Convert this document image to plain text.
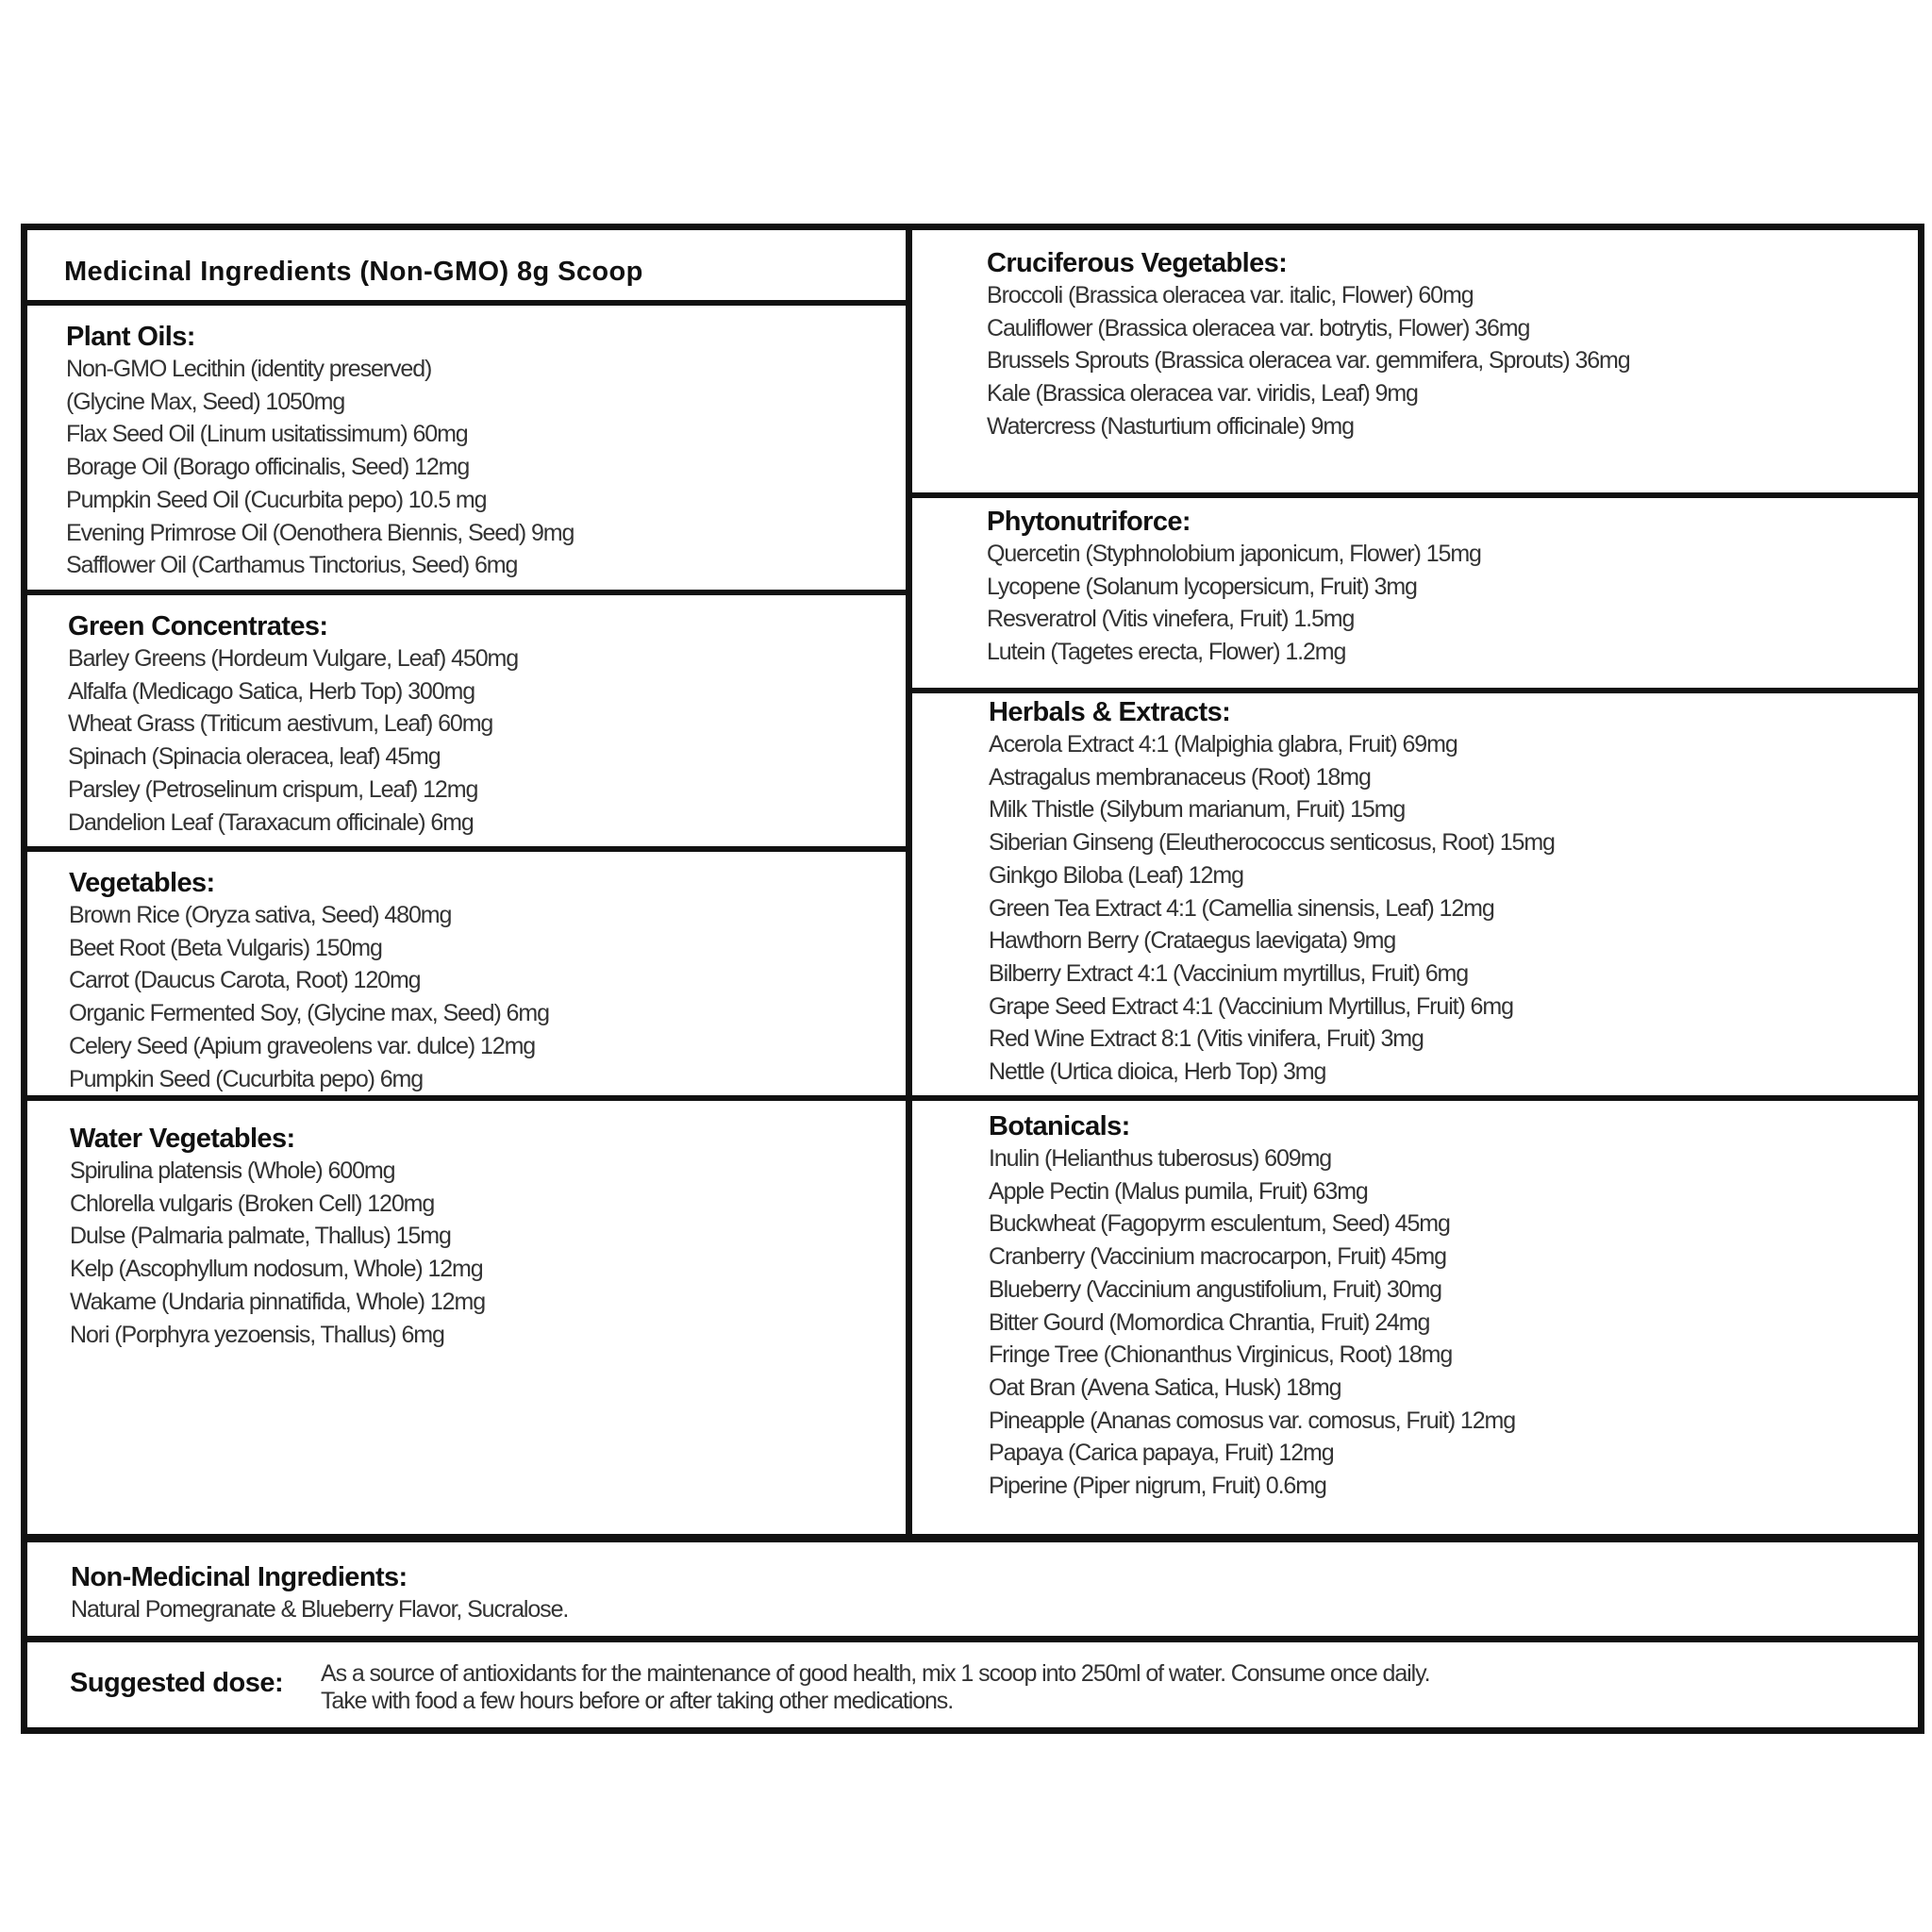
Medicinal Ingredients (Non-GMO) 8g Scoop
Plant Oils:
Non-GMO Lecithin (identity preserved)
(Glycine Max, Seed) 1050mg
Flax Seed Oil (Linum usitatissimum) 60mg
Borage Oil (Borago officinalis, Seed) 12mg
Pumpkin Seed Oil (Cucurbita pepo) 10.5 mg
Evening Primrose Oil (Oenothera Biennis, Seed) 9mg
Safflower Oil (Carthamus Tinctorius, Seed) 6mg
Green Concentrates:
Barley Greens (Hordeum Vulgare, Leaf) 450mg
Alfalfa (Medicago Satica, Herb Top) 300mg
Wheat Grass (Triticum aestivum, Leaf) 60mg
Spinach (Spinacia oleracea, leaf) 45mg
Parsley (Petroselinum crispum, Leaf) 12mg
Dandelion Leaf (Taraxacum officinale) 6mg
Vegetables:
Brown Rice (Oryza sativa, Seed) 480mg
Beet Root (Beta Vulgaris) 150mg
Carrot (Daucus Carota, Root) 120mg
Organic Fermented Soy, (Glycine max, Seed) 6mg
Celery Seed (Apium graveolens var. dulce) 12mg
Pumpkin Seed (Cucurbita pepo) 6mg
Water Vegetables:
Spirulina platensis (Whole) 600mg
Chlorella vulgaris (Broken Cell) 120mg
Dulse (Palmaria palmate, Thallus) 15mg
Kelp (Ascophyllum nodosum, Whole) 12mg
Wakame (Undaria pinnatifida, Whole) 12mg
Nori (Porphyra yezoensis, Thallus) 6mg
Cruciferous Vegetables:
Broccoli (Brassica oleracea var. italic, Flower) 60mg
Cauliflower (Brassica oleracea var. botrytis, Flower) 36mg
Brussels Sprouts (Brassica oleracea var. gemmifera, Sprouts) 36mg
Kale (Brassica oleracea var. viridis, Leaf) 9mg
Watercress (Nasturtium officinale) 9mg
Phytonutriforce:
Quercetin (Styphnolobium japonicum, Flower) 15mg
Lycopene (Solanum lycopersicum, Fruit) 3mg
Resveratrol (Vitis vinefera, Fruit) 1.5mg
Lutein (Tagetes erecta, Flower) 1.2mg
Herbals & Extracts:
Acerola Extract 4:1 (Malpighia glabra, Fruit) 69mg
Astragalus membranaceus (Root) 18mg
Milk Thistle (Silybum marianum, Fruit) 15mg
Siberian Ginseng (Eleutherococcus senticosus, Root) 15mg
Ginkgo Biloba (Leaf) 12mg
Green Tea Extract 4:1 (Camellia sinensis, Leaf) 12mg
Hawthorn Berry (Crataegus laevigata) 9mg
Bilberry Extract 4:1 (Vaccinium myrtillus, Fruit) 6mg
Grape Seed Extract 4:1 (Vaccinium Myrtillus, Fruit) 6mg
Red Wine Extract 8:1 (Vitis vinifera, Fruit) 3mg
Nettle (Urtica dioica, Herb Top) 3mg
Botanicals:
Inulin (Helianthus tuberosus) 609mg
Apple Pectin (Malus pumila, Fruit) 63mg
Buckwheat (Fagopyrm esculentum, Seed) 45mg
Cranberry (Vaccinium macrocarpon, Fruit) 45mg
Blueberry (Vaccinium angustifolium, Fruit) 30mg
Bitter Gourd (Momordica Chrantia, Fruit) 24mg
Fringe Tree (Chionanthus Virginicus, Root) 18mg
Oat Bran (Avena Satica, Husk) 18mg
Pineapple (Ananas comosus var. comosus, Fruit) 12mg
Papaya (Carica papaya, Fruit) 12mg
Piperine (Piper nigrum, Fruit) 0.6mg
Non-Medicinal Ingredients:
Natural Pomegranate & Blueberry Flavor, Sucralose.
Suggested dose: As a source of antioxidants for the maintenance of good health, mix 1 scoop into 250ml of water. Consume once daily.
Take with food a few hours before or after taking other medications.
